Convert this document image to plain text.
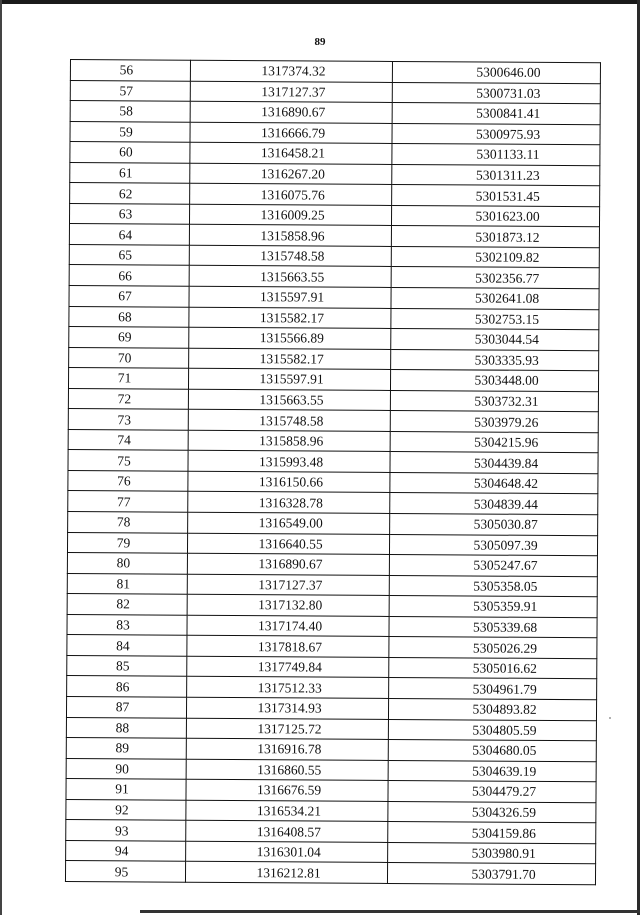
89
56	1317374.32	5300646.00
57	1317127.37	5300731.03
58	1316890.67	5300841.41
59	1316666.79	5300975.93
60	1316458.21	5301133.11
61	1316267.20	5301311.23
62	1316075.76	5301531.45
63	1316009.25	5301623.00
64	1315858.96	5301873.12
65	1315748.58	5302109.82
66	1315663.55	5302356.77
67	1315597.91	5302641.08
68	1315582.17	5302753.15
69	1315566.89	5303044.54
70	1315582.17	5303335.93
71	1315597.91	5303448.00
72	1315663.55	5303732.31
73	1315748.58	5303979.26
74	1315858.96	5304215.96
75	1315993.48	5304439.84
76	1316150.66	5304648.42
77	1316328.78	5304839.44
78	1316549.00	5305030.87
79	1316640.55	5305097.39
80	1316890.67	5305247.67
81	1317127.37	5305358.05
82	1317132.80	5305359.91
83	1317174.40	5305339.68
84	1317818.67	5305026.29
85	1317749.84	5305016.62
86	1317512.33	5304961.79
87	1317314.93	5304893.82
88	1317125.72	5304805.59
89	1316916.78	5304680.05
90	1316860.55	5304639.19
91	1316676.59	5304479.27
92	1316534.21	5304326.59
93	1316408.57	5304159.86
94	1316301.04	5303980.91
95	1316212.81	5303791.70
